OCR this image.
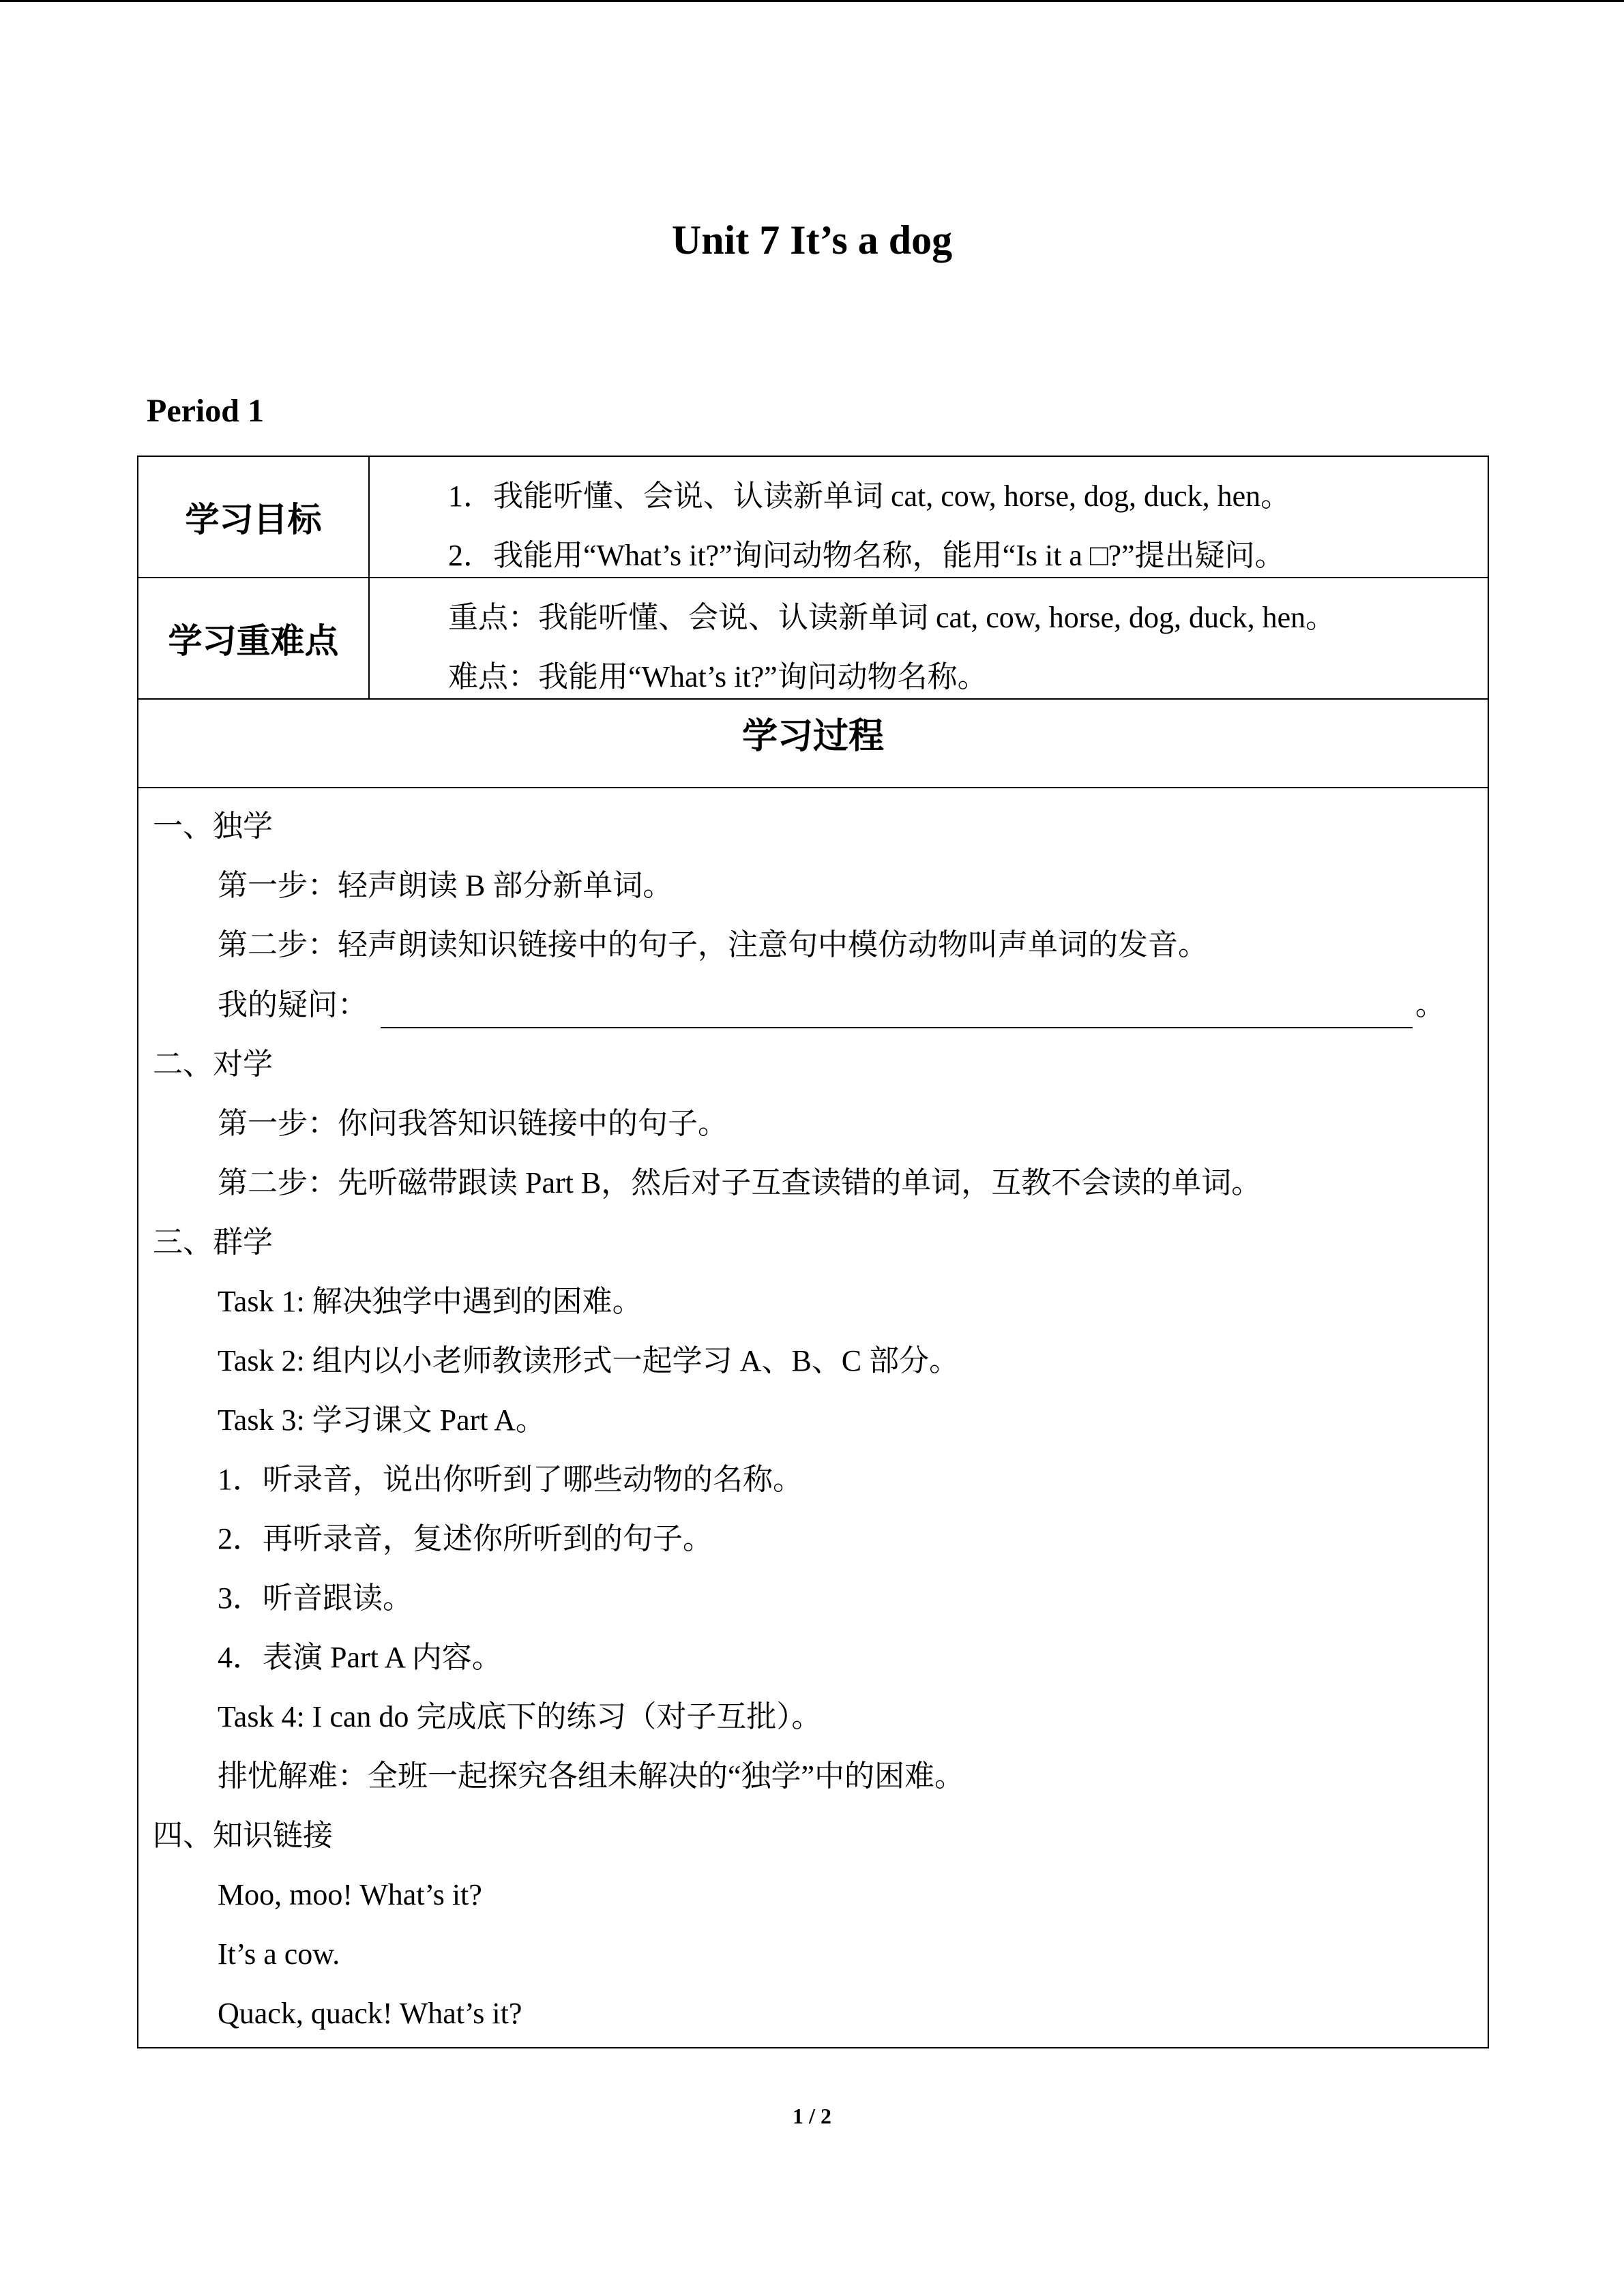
Unit 7 It’s a dog
Period 1
学习目标
1．我能听懂、会说、认读新单词 cat, cow, horse, dog, duck, hen。
2．我能用“What’s it?”询问动物名称，能用“Is it a □?”提出疑问。
学习重难点
重点：我能听懂、会说、认读新单词 cat, cow, horse, dog, duck, hen。
难点：我能用“What’s it?”询问动物名称。
学习过程
一、独学
第一步：轻声朗读 B 部分新单词。
第二步：轻声朗读知识链接中的句子，注意句中模仿动物叫声单词的发音。
我的疑问：	。
二、对学
第一步：你问我答知识链接中的句子。
第二步：先听磁带跟读 Part B，然后对子互查读错的单词，互教不会读的单词。
三、群学
Task 1: 解决独学中遇到的困难。
Task 2: 组内以小老师教读形式一起学习 A、B、C 部分。
Task 3: 学习课文 Part A。
1．听录音，说出你听到了哪些动物的名称。
2．再听录音，复述你所听到的句子。
3．听音跟读。
4．表演 Part A 内容。
Task 4: I can do 完成底下的练习（对子互批）。
排忧解难：全班一起探究各组未解决的“独学”中的困难。
四、知识链接
Moo, moo! What’s it?
It’s a cow.
Quack, quack! What’s it?
1 / 2
